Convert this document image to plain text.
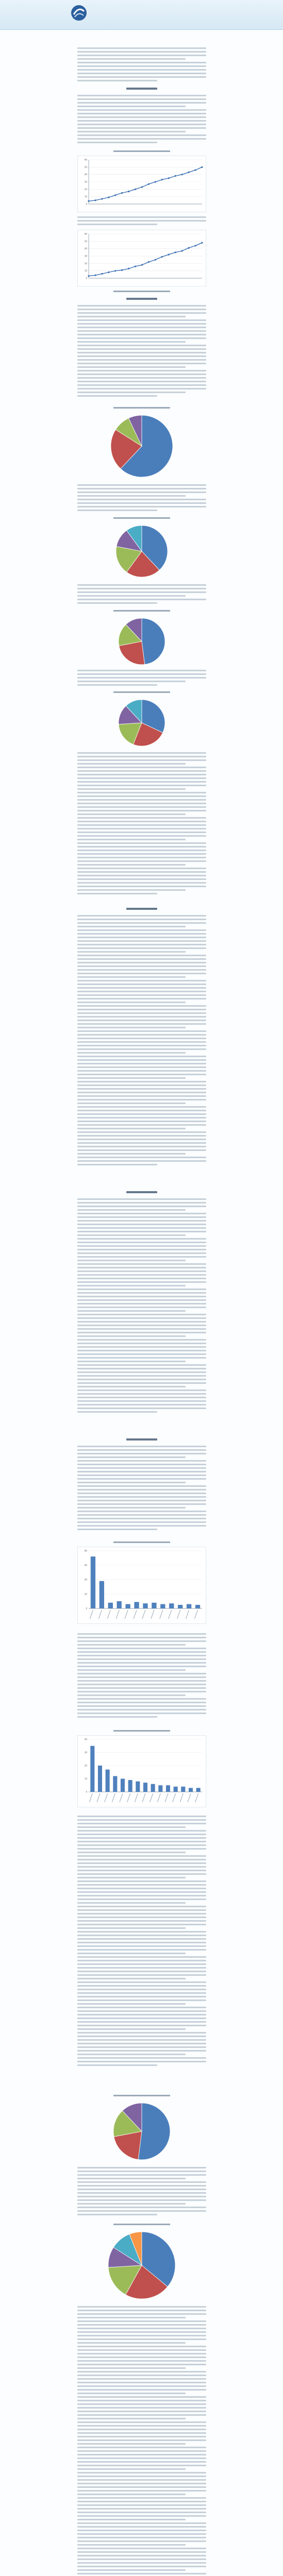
0
10
20
30
40
50
60
0
10
20
30
40
50
60
0
20
40
60
80
0
10
20
30
40
